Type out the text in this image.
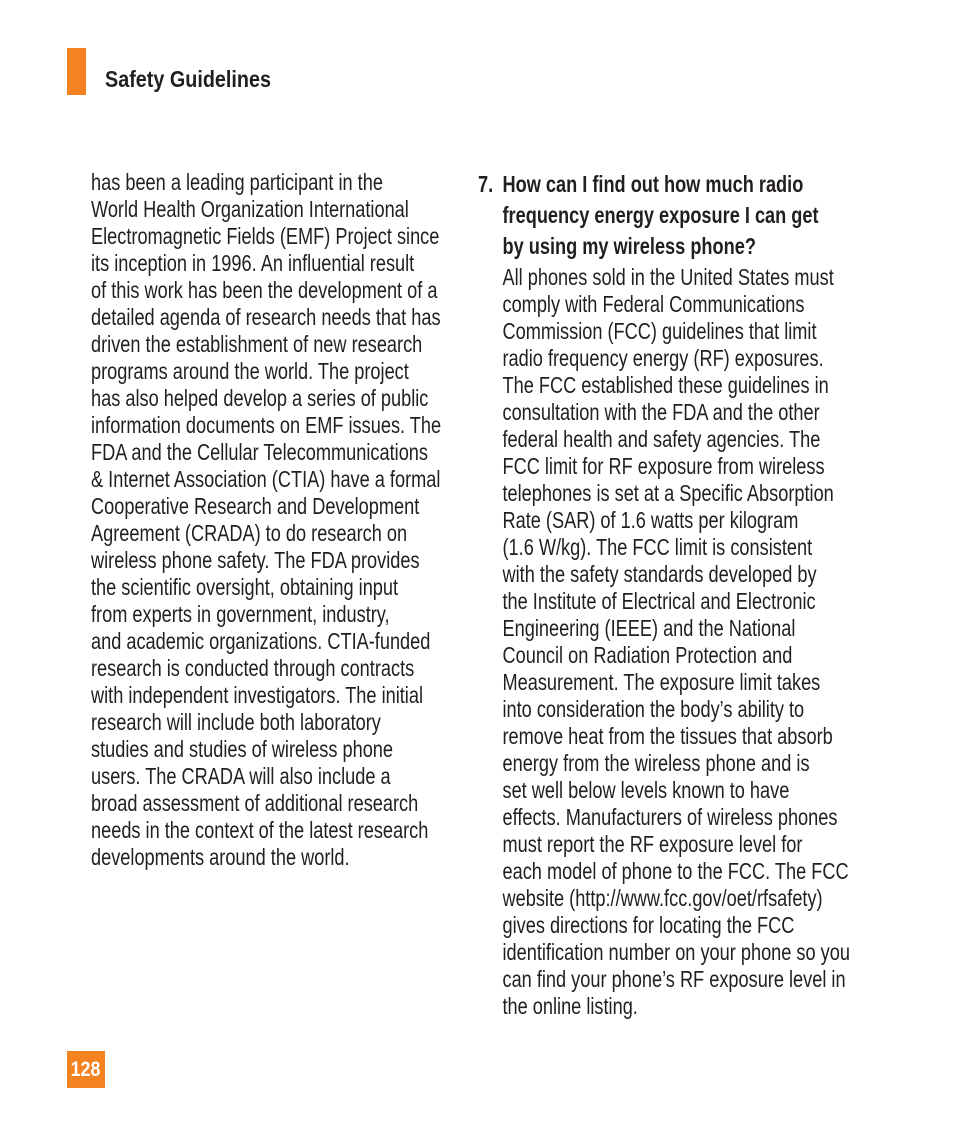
Safety Guidelines
has been a leading participant in the
World Health Organization International
Electromagnetic Fields (EMF) Project since
its inception in 1996. An influential result
of this work has been the development of a
detailed agenda of research needs that has
driven the establishment of new research
programs around the world. The project
has also helped develop a series of public
information documents on EMF issues. The
FDA and the Cellular Telecommunications
& Internet Association (CTIA) have a formal
Cooperative Research and Development
Agreement (CRADA) to do research on
wireless phone safety. The FDA provides
the scientific oversight, obtaining input
from experts in government, industry,
and academic organizations. CTIA-funded
research is conducted through contracts
with independent investigators. The initial
research will include both laboratory
studies and studies of wireless phone
users. The CRADA will also include a
broad assessment of additional research
needs in the context of the latest research
developments around the world.
7. How can I find out how much radio
frequency energy exposure I can get
by using my wireless phone?
All phones sold in the United States must
comply with Federal Communications
Commission (FCC) guidelines that limit
radio frequency energy (RF) exposures.
The FCC established these guidelines in
consultation with the FDA and the other
federal health and safety agencies. The
FCC limit for RF exposure from wireless
telephones is set at a Specific Absorption
Rate (SAR) of 1.6 watts per kilogram
(1.6 W/kg). The FCC limit is consistent
with the safety standards developed by
the Institute of Electrical and Electronic
Engineering (IEEE) and the National
Council on Radiation Protection and
Measurement. The exposure limit takes
into consideration the body’s ability to
remove heat from the tissues that absorb
energy from the wireless phone and is
set well below levels known to have
effects. Manufacturers of wireless phones
must report the RF exposure level for
each model of phone to the FCC. The FCC
website (http://www.fcc.gov/oet/rfsafety)
gives directions for locating the FCC
identification number on your phone so you
can find your phone’s RF exposure level in
the online listing.
128
